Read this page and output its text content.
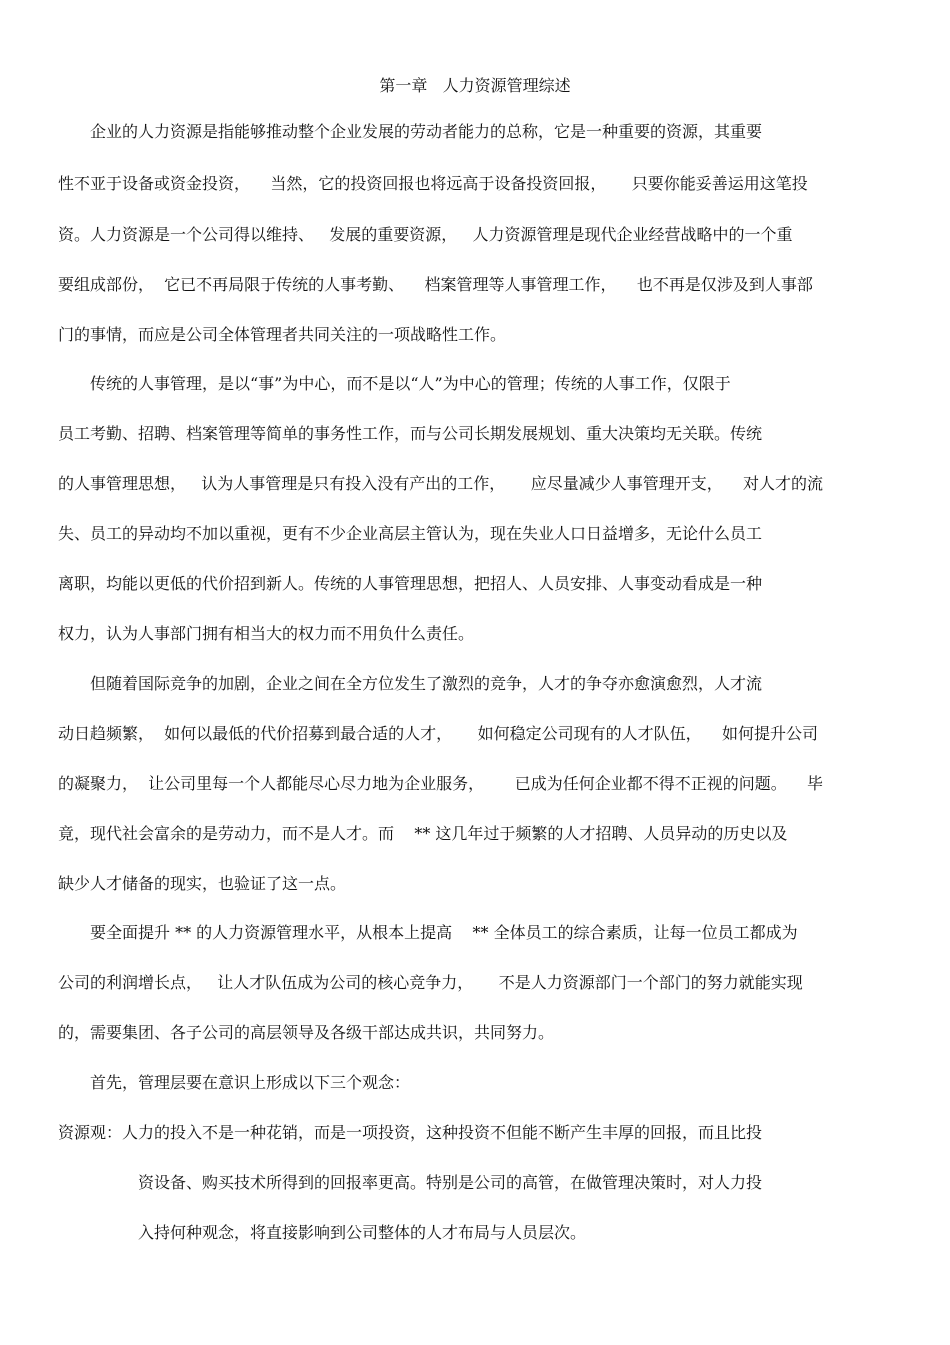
第一章   人力资源管理综述
企业的人力资源是指能够推动整个企业发展的劳动者能力的总称，它是一种重要的资源，其重要
性不亚于设备或资金投资，    当然，它的投资回报也将远高于设备投资回报，     只要你能妥善运用这笔投
资。人力资源是一个公司得以维持、   发展的重要资源，   人力资源管理是现代企业经营战略中的一个重
要组成部份，  它已不再局限于传统的人事考勤、    档案管理等人事管理工作，    也不再是仅涉及到人事部
门的事情，而应是公司全体管理者共同关注的一项战略性工作。
传统的人事管理，是以“事”为中心，而不是以“人”为中心的管理；传统的人事工作，仅限于
员工考勤、招聘、档案管理等简单的事务性工作，而与公司长期发展规划、重大决策均无关联。传统
的人事管理思想，   认为人事管理是只有投入没有产出的工作，     应尽量减少人事管理开支，    对人才的流
失、员工的异动均不加以重视，更有不少企业高层主管认为，现在失业人口日益增多，无论什么员工
离职，均能以更低的代价招到新人。传统的人事管理思想，把招人、人员安排、人事变动看成是一种
权力，认为人事部门拥有相当大的权力而不用负什么责任。
但随着国际竞争的加剧，企业之间在全方位发生了激烈的竞争，人才的争夺亦愈演愈烈，人才流
动日趋频繁，  如何以最低的代价招募到最合适的人才，     如何稳定公司现有的人才队伍，    如何提升公司
的凝聚力，  让公司里每一个人都能尽心尽力地为企业服务，      已成为任何企业都不得不正视的问题。    毕
竟，现代社会富余的是劳动力，而不是人才。而    ** 这几年过于频繁的人才招聘、人员异动的历史以及
缺少人才储备的现实，也验证了这一点。
要全面提升 ** 的人力资源管理水平，从根本上提高    ** 全体员工的综合素质，让每一位员工都成为
公司的利润增长点，   让人才队伍成为公司的核心竞争力，     不是人力资源部门一个部门的努力就能实现
的，需要集团、各子公司的高层领导及各级干部达成共识，共同努力。
首先，管理层要在意识上形成以下三个观念：
资源观：人力的投入不是一种花销，而是一项投资，这种投资不但能不断产生丰厚的回报，而且比投
资设备、购买技术所得到的回报率更高。特别是公司的高管，在做管理决策时，对人力投
入持何种观念，将直接影响到公司整体的人才布局与人员层次。
